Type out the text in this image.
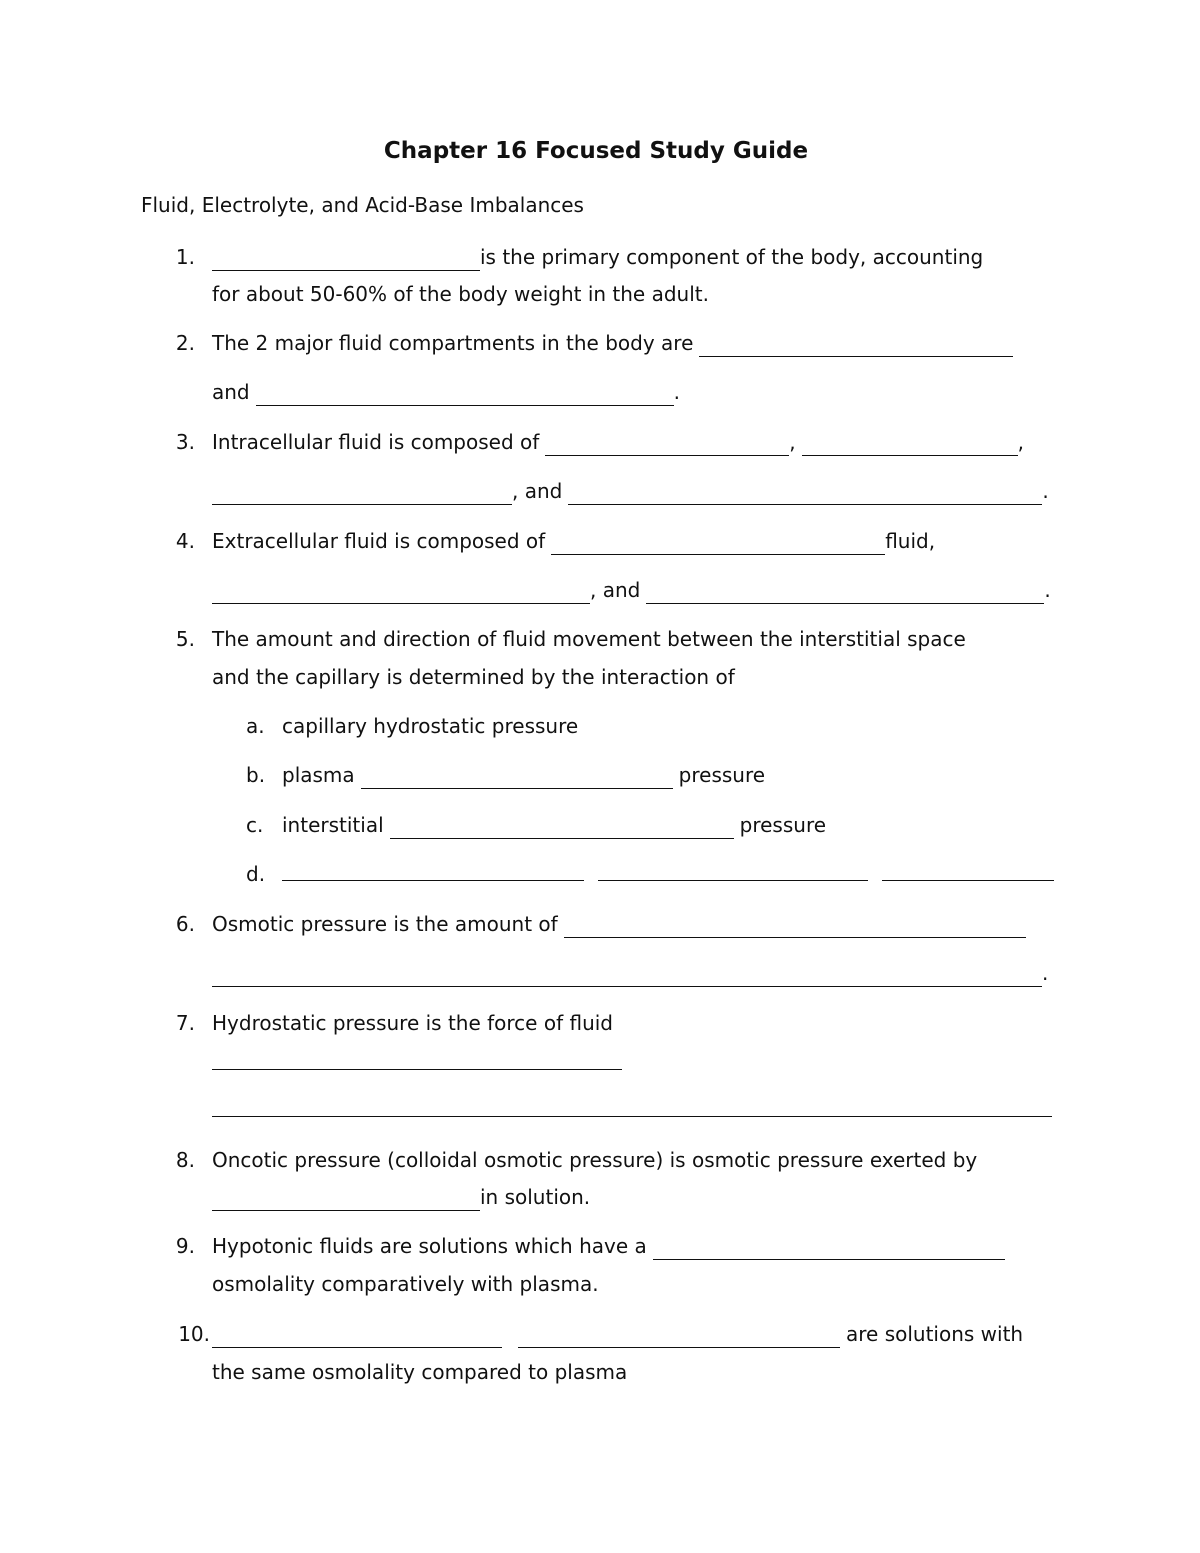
Chapter 16 Focused Study Guide
Fluid, Electrolyte, and Acid-Base Imbalances
1.	is the primary component of the body, accounting
for about 50-60% of the body weight in the adult.
2. The 2 major fluid compartments in the body are
and	.
3. Intracellular fluid is composed of	,	,
, and	.
4. Extracellular fluid is composed of	fluid,
, and	.
5. The amount and direction of fluid movement between the interstitial space
and the capillary is determined by the interaction of
a. capillary hydrostatic pressure
b. plasma	pressure
c. interstitial	pressure
d.
6. Osmotic pressure is the amount of
.
7. Hydrostatic pressure is the force of fluid
8. Oncotic pressure (colloidal osmotic pressure) is osmotic pressure exerted by
in solution.
9. Hypotonic fluids are solutions which have a
osmolality comparatively with plasma.
10.	are solutions with
the same osmolality compared to plasma
